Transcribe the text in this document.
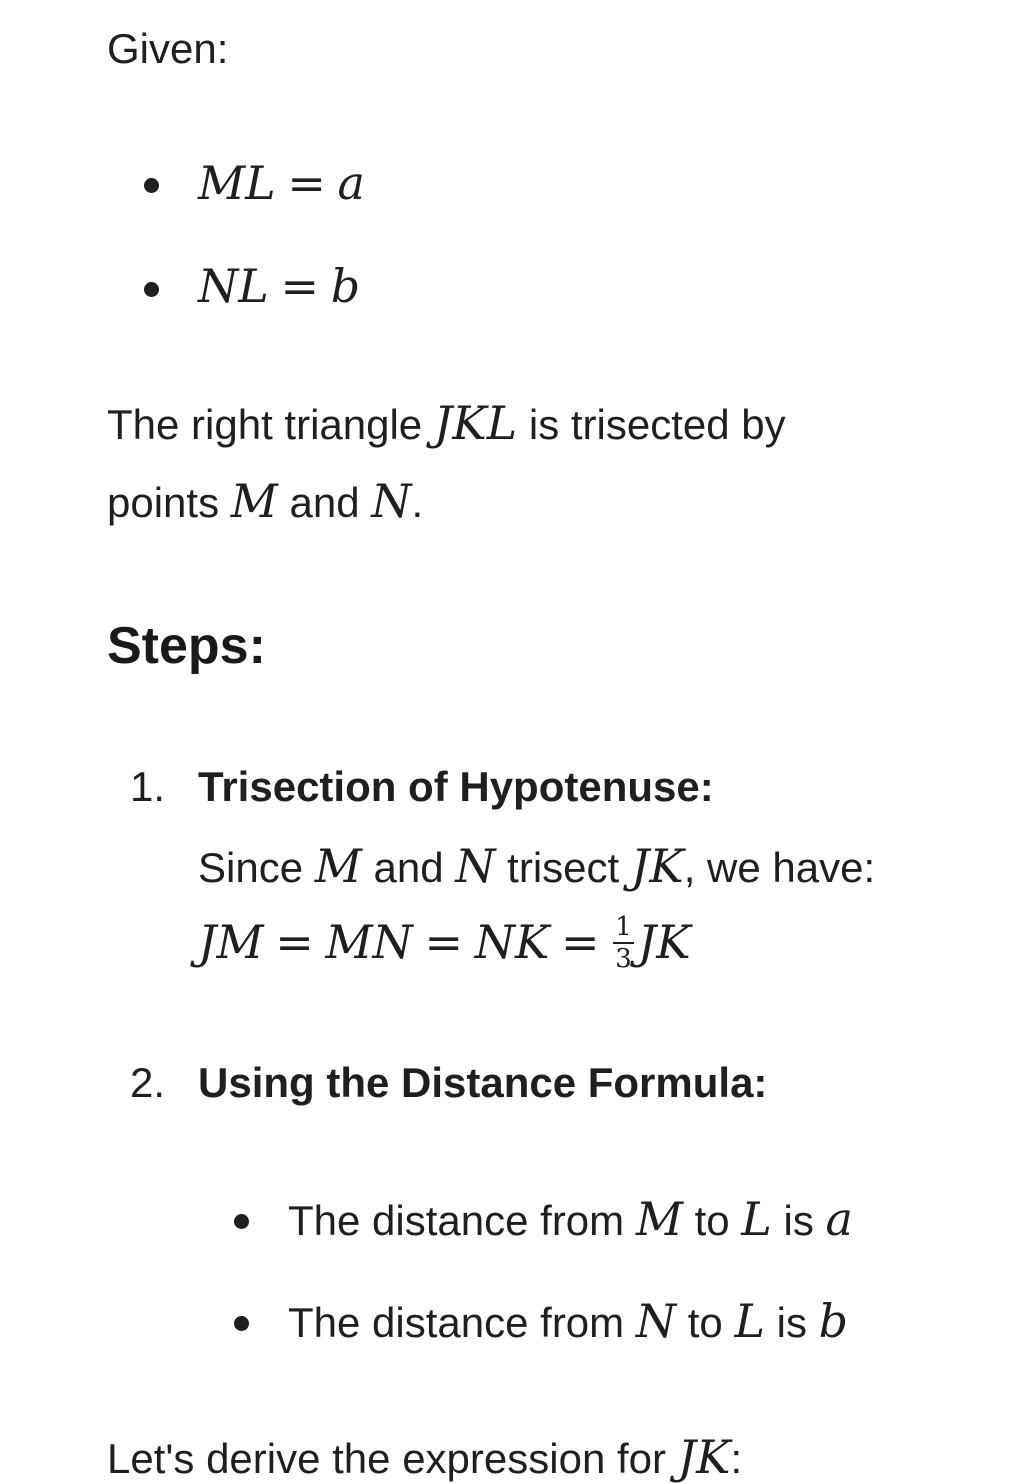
Given:
ML = a
NL = b
The right triangle JKL is trisected by
points M and N.
Steps:
1. Trisection of Hypotenuse:
Since M and N trisect JK, we have:
JM = MN = NK = $\frac{1}{3}$ JK
2. Using the Distance Formula:
The distance from M to L is a
The distance from N to L is b
Let's derive the expression for JK:
